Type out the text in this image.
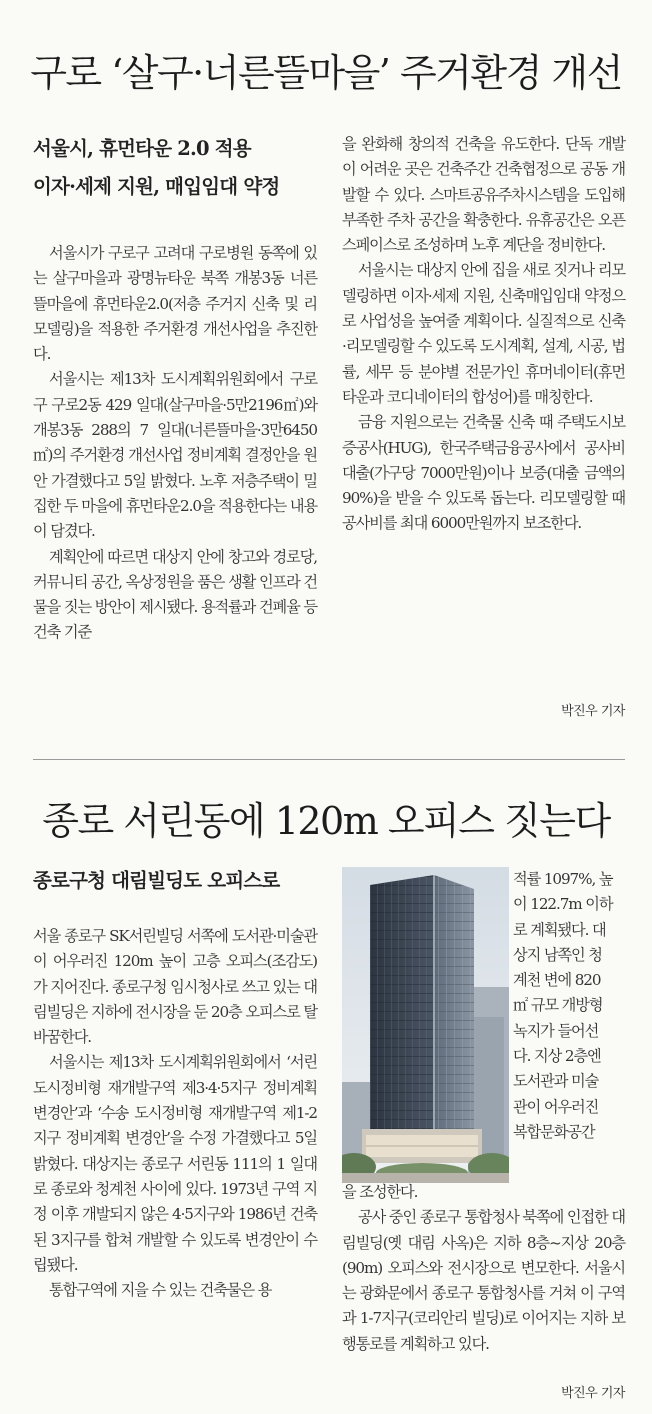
구로 ‘살구·너른뜰마을’ 주거환경 개선
서울시, 휴먼타운 2.0 적용
이자·세제 지원, 매입임대 약정

서울시가 구로구 고려대 구로병원 동쪽에 있는 살구마을과 광명뉴타운 북쪽 개봉3동 너른뜰마을에 휴먼타운2.0(저층 주거지 신축 및 리모델링)을 적용한 주거환경 개선사업을 추진한다.

서울시는 제13차 도시계획위원회에서 구로구 구로2동 429 일대(살구마을·5만2196㎡)와 개봉3동 288의 7 일대(너른뜰마을·3만6450㎡)의 주거환경 개선사업 정비계획 결정안을 원안 가결했다고 5일 밝혔다. 노후 저층주택이 밀집한 두 마을에 휴먼타운2.0을 적용한다는 내용이 담겼다.

계획안에 따르면 대상지 안에 창고와 경로당, 커뮤니티 공간, 옥상정원을 품은 생활 인프라 건물을 짓는 방안이 제시됐다. 용적률과 건폐율 등 건축 기준

을 완화해 창의적 건축을 유도한다. 단독 개발이 어려운 곳은 건축주간 건축협정으로 공동 개발할 수 있다. 스마트공유주차시스템을 도입해 부족한 주차 공간을 확충한다. 유휴공간은 오픈스페이스로 조성하며 노후 계단을 정비한다.

서울시는 대상지 안에 집을 새로 짓거나 리모델링하면 이자·세제 지원, 신축매입임대 약정으로 사업성을 높여줄 계획이다. 실질적으로 신축·리모델링할 수 있도록 도시계획, 설계, 시공, 법률, 세무 등 분야별 전문가인 휴머네이터(휴먼타운과 코디네이터의 합성어)를 매칭한다.

금융 지원으로는 건축물 신축 때 주택도시보증공사(HUG), 한국주택금융공사에서 공사비 대출(가구당 7000만원)이나 보증(대출 금액의 90%)을 받을 수 있도록 돕는다. 리모델링할 때 공사비를 최대 6000만원까지 보조한다.

박진우 기자
종로 서린동에 120m 오피스 짓는다
종로구청 대림빌딩도 오피스로

서울 종로구 SK서린빌딩 서쪽에 도서관·미술관이 어우러진 120m 높이 고층 오피스(조감도)가 지어진다. 종로구청 임시청사로 쓰고 있는 대림빌딩은 지하에 전시장을 둔 20층 오피스로 탈바꿈한다.

서울시는 제13차 도시계획위원회에서 ‘서린 도시정비형 재개발구역 제3·4·5지구 정비계획 변경안’과 ‘수송 도시정비형 재개발구역 제1-2지구 정비계획 변경안’을 수정 가결했다고 5일 밝혔다. 대상지는 종로구 서린동 111의 1 일대로 종로와 청계천 사이에 있다. 1973년 구역 지정 이후 개발되지 않은 4·5지구와 1986년 건축된 3지구를 합쳐 개발할 수 있도록 변경안이 수립됐다.

통합구역에 지을 수 있는 건축물은 용

적률 1097%, 높
이 122.7m 이하
로 계획됐다. 대
상지 남쪽인 청
계천 변에 820
㎡ 규모 개방형
녹지가 들어선
다. 지상 2층엔
도서관과 미술
관이 어우러진
복합문화공간

을 조성한다.

공사 중인 종로구 통합청사 북쪽에 인접한 대림빌딩(옛 대림 사옥)은 지하 8층~지상 20층(90m) 오피스와 전시장으로 변모한다. 서울시는 광화문에서 종로구 통합청사를 거쳐 이 구역과 1-7지구(코리안리 빌딩)로 이어지는 지하 보행통로를 계획하고 있다.

박진우 기자
